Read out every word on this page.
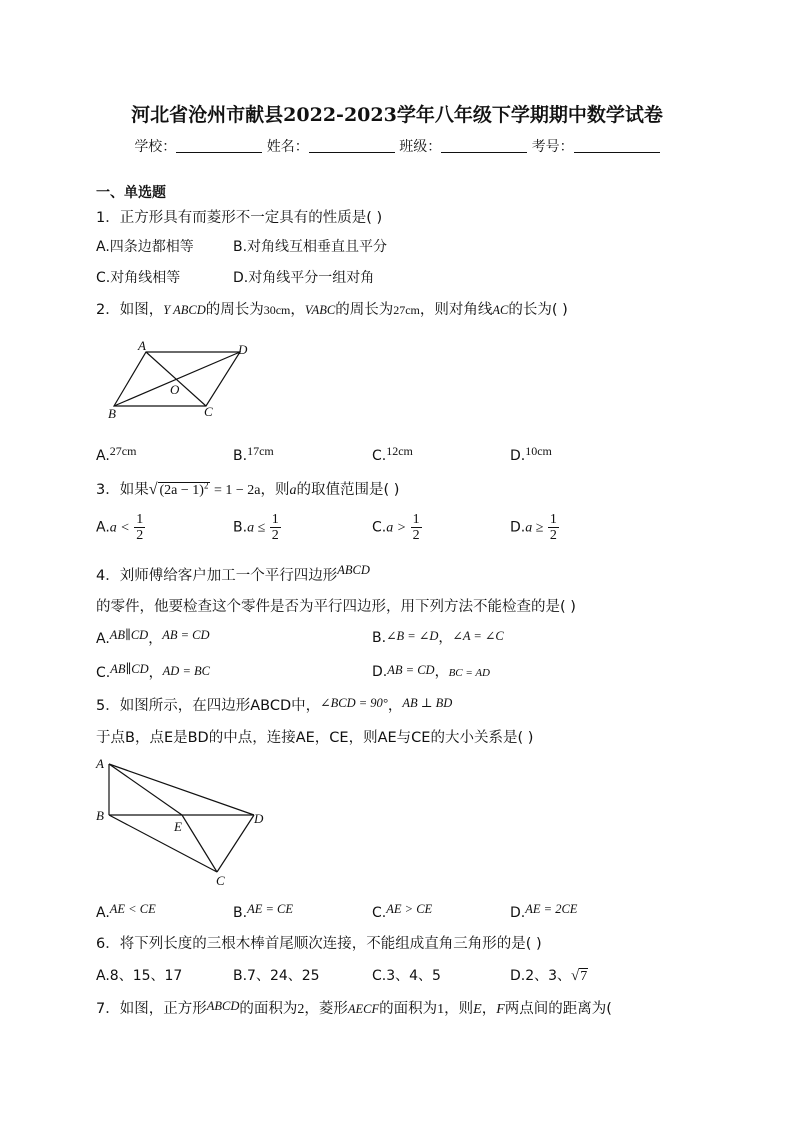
河北省沧州市献县2022-2023学年八年级下学期期中数学试卷
学校：	姓名：	班级：	考号：
一、单选题
1．正方形具有而菱形不一定具有的性质是( )
A.四条边都相等	B.对角线互相垂直且平分
C.对角线相等	D.对角线平分一组对角
2．如图，Y ABCD的周长为30cm，VABC的周长为27cm，则对角线AC的长为( )
A	D
O
B	C
A.27cm	B.17cm	C.12cm	D.10cm
3．如果√ $(2a - 1)^2 = 1 - 2a$，则a的取值范围是( )
$A.a < \frac{1}{2}$	$B.a \le \frac{1}{2}$	$C.a > \frac{1}{2}$	$D.a \ge \frac{1}{2}$
4．刘师傅给客户加工一个平行四边形ABCD
的零件，他要检查这个零件是否为平行四边形，用下列方法不能检查的是( )
A.AB∥CD，AB = CD	B.∠B = ∠D，∠A = ∠C
C.AB∥CD，AD = BC	D.AB = CD，BC = AD
5．如图所示，在四边形ABCD中，∠BCD = 90°，AB ⊥ BD
于点B，点E是BD的中点，连接AE，CE，则AE与CE的大小关系是( )
A
B
E
D
C
A.AE < CE	B.AE = CE	C.AE > CE	D.AE = 2CE
6．将下列长度的三根木棒首尾顺次连接，不能组成直角三角形的是( )
A.8、15、17	B.7、24、25	C.3、4、5	D.2、3、√7
7．如图，正方形ABCD的面积为2，菱形AECF的面积为1，则E，F两点间的距离为(
